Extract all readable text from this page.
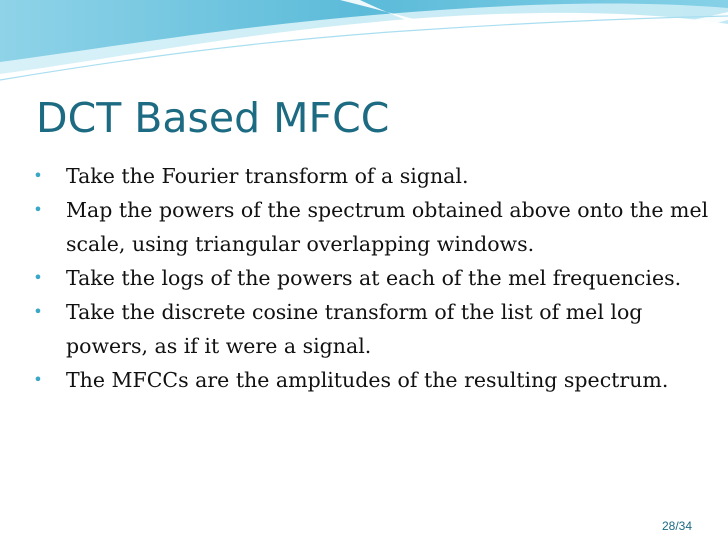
DCT Based MFCC
• Take the Fourier transform of a signal.
• Map the powers of the spectrum obtained above onto the mel scale, using triangular overlapping windows.
• Take the logs of the powers at each of the mel frequencies.
• Take the discrete cosine transform of the list of mel log powers, as if it were a signal.
• The MFCCs are the amplitudes of the resulting spectrum.
28/34
